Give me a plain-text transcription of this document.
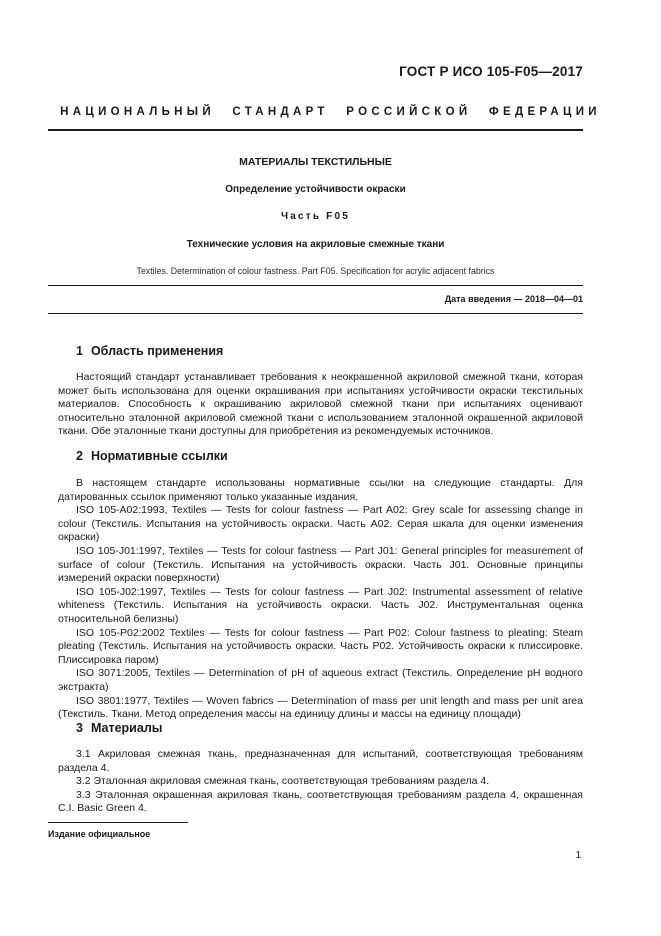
ГОСТ Р ИСО 105-F05—2017
НАЦИОНАЛЬНЫЙ СТАНДАРТ РОССИЙСКОЙ ФЕДЕРАЦИИ
МАТЕРИАЛЫ ТЕКСТИЛЬНЫЕ
Определение устойчивости окраски
Часть F05
Технические условия на акриловые смежные ткани
Textiles. Determination of colour fastness. Part F05. Specification for acrylic adjacent fabrics
Дата введения — 2018—04—01
1 Область применения

Настоящий стандарт устанавливает требования к неокрашенной акриловой смежной ткани, которая может быть использована для оценки окрашивания при испытаниях устойчивости окраски текстильных материалов. Способность к окрашиванию акриловой смежной ткани при испытаниях оценивают относительно эталонной акриловой смежной ткани с использованием эталонной окрашенной акриловой ткани. Обе эталонные ткани доступны для приобретения из рекомендуемых источников.

2 Нормативные ссылки

В настоящем стандарте использованы нормативные ссылки на следующие стандарты. Для датированных ссылок применяют только указанные издания.

ISO 105-A02:1993, Textiles — Tests for colour fastness — Part A02: Grey scale for assessing change in colour (Текстиль. Испытания на устойчивость окраски. Часть A02. Серая шкала для оценки изменения окраски)

ISO 105-J01:1997, Textiles — Tests for colour fastness — Part J01: General principles for measurement of surface of colour (Текстиль. Испытания на устойчивость окраски. Часть J01. Основные принципы измерений окраски поверхности)

ISO 105-J02:1997, Textiles — Tests for colour fastness — Part J02: Instrumental assessment of relative whiteness (Текстиль. Испытания на устойчивость окраски. Часть J02. Инструментальная оценка относительной белизны)

ISO 105-P02:2002 Textiles — Tests for colour fastness — Part P02: Colour fastness to pleating: Steam pleating (Текстиль. Испытания на устойчивость окраски. Часть P02. Устойчивость окраски к плиссировке. Плиссировка паром)

ISO 3071:2005, Textiles — Determination of pH of aqueous extract (Текстиль. Определение pH водного экстракта)

ISO 3801:1977, Textiles — Woven fabrics — Determination of mass per unit length and mass per unit area (Текстиль. Ткани. Метод определения массы на единицу длины и массы на единицу площади)

3 Материалы

3.1 Акриловая смежная ткань, предназначенная для испытаний, соответствующая требованиям раздела 4.

3.2 Эталонная акриловая смежная ткань, соответствующая требованиям раздела 4.

3.3 Эталонная окрашенная акриловая ткань, соответствующая требованиям раздела 4, окрашенная C.I. Basic Green 4.

Издание официальное
1
